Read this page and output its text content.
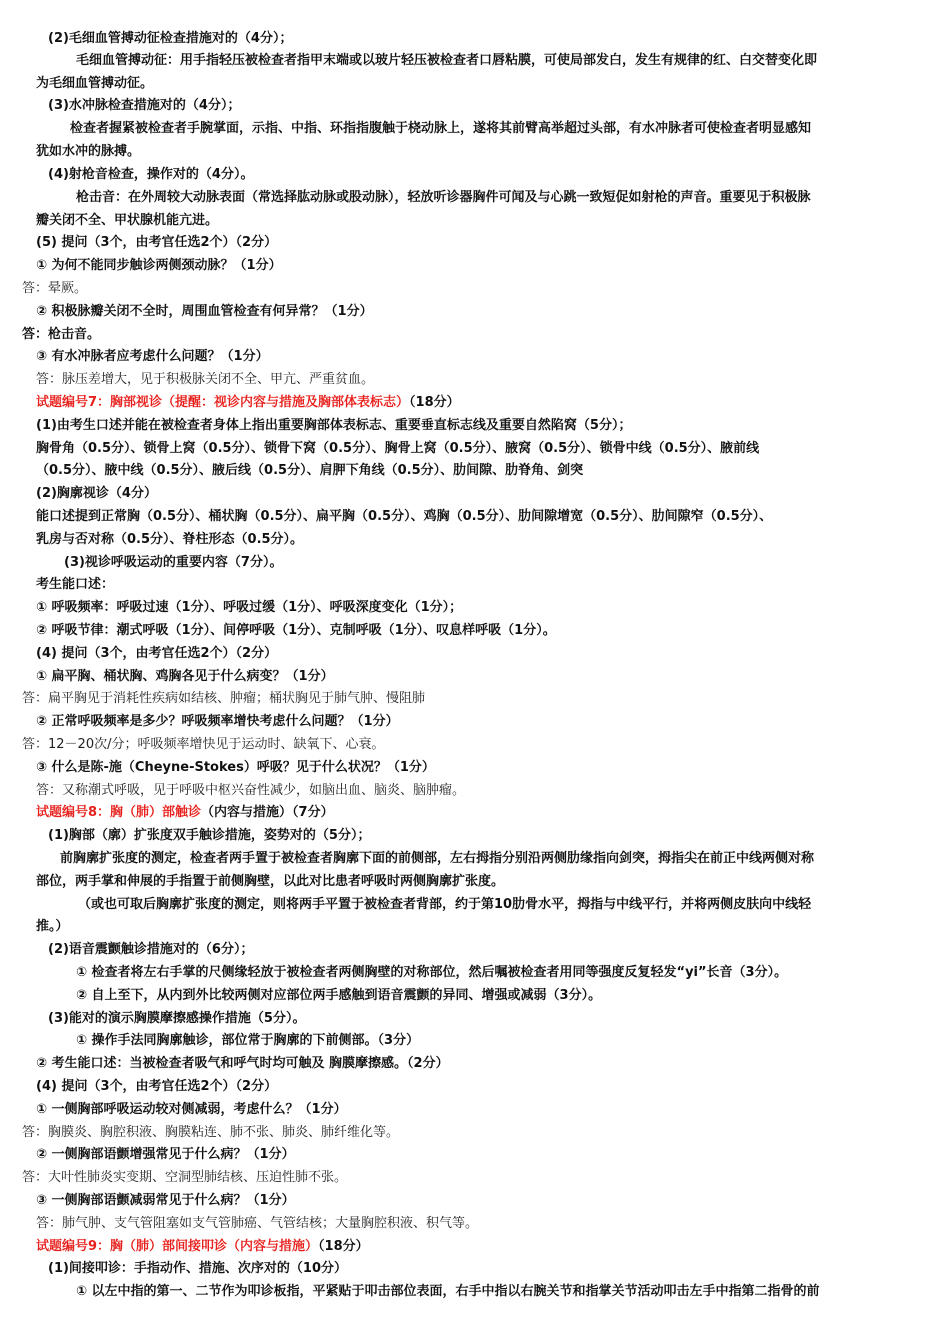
(2)毛细血管搏动征检查措施对的（4分）；
毛细血管搏动征：用手指轻压被检查者指甲末端或以玻片轻压被检查者口唇粘膜，可使局部发白，发生有规律的红、白交替变化即
为毛细血管搏动征。
(3)水冲脉检查措施对的（4分）；
检查者握紧被检查者手腕掌面，示指、中指、环指指腹触于桡动脉上，遂将其前臂高举超过头部，有水冲脉者可使检查者明显感知
犹如水冲的脉搏。
(4)射枪音检查，操作对的（4分）。
枪击音：在外周较大动脉表面（常选择肱动脉或股动脉），轻放听诊器胸件可闻及与心跳一致短促如射枪的声音。重要见于积极脉
瓣关闭不全、甲状腺机能亢进。
(5) 提问（3个，由考官任选2个）（2分）
① 为何不能同步触诊两侧颈动脉？（1分）
答：晕厥。
② 积极脉瓣关闭不全时，周围血管检查有何异常？（1分）
答：枪击音。
③ 有水冲脉者应考虑什么问题？（1分）
答：脉压差增大，见于积极脉关闭不全、甲亢、严重贫血。
试题编号7：胸部视诊（提醒：视诊内容与措施及胸部体表标志）（18分）
(1)由考生口述并能在被检查者身体上指出重要胸部体表标志、重要垂直标志线及重要自然陷窝（5分）；
胸骨角（0.5分）、锁骨上窝（0.5分）、锁骨下窝（0.5分）、胸骨上窝（0.5分）、腋窝（0.5分）、锁骨中线（0.5分）、腋前线
（0.5分）、腋中线（0.5分）、腋后线（0.5分）、肩胛下角线（0.5分）、肋间隙、肋脊角、剑突
(2)胸廓视诊（4分）
能口述提到正常胸（0.5分）、桶状胸（0.5分）、扁平胸（0.5分）、鸡胸（0.5分）、肋间隙增宽（0.5分）、肋间隙窄（0.5分）、
乳房与否对称（0.5分）、脊柱形态（0.5分）。
(3)视诊呼吸运动的重要内容（7分）。
考生能口述：
① 呼吸频率：呼吸过速（1分）、呼吸过缓（1分）、呼吸深度变化（1分）；
② 呼吸节律：潮式呼吸（1分）、间停呼吸（1分）、克制呼吸（1分）、叹息样呼吸（1分）。
(4) 提问（3个，由考官任选2个）（2分）
① 扁平胸、桶状胸、鸡胸各见于什么病变？（1分）
答：扁平胸见于消耗性疾病如结核、肿瘤；桶状胸见于肺气肿、慢阻肺
② 正常呼吸频率是多少？呼吸频率增快考虑什么问题？（1分）
答：12－20次/分；呼吸频率增快见于运动时、缺氧下、心衰。
③ 什么是陈-施（Cheyne-Stokes）呼吸？见于什么状况？（1分）
答：又称潮式呼吸，见于呼吸中枢兴奋性减少，如脑出血、脑炎、脑肿瘤。
试题编号8：胸（肺）部触诊（内容与措施）（7分）
(1)胸部（廓）扩张度双手触诊措施，姿势对的（5分）；
前胸廓扩张度的测定，检查者两手置于被检查者胸廓下面的前侧部，左右拇指分别沿两侧肋缘指向剑突，拇指尖在前正中线两侧对称
部位，两手掌和伸展的手指置于前侧胸壁，以此对比患者呼吸时两侧胸廓扩张度。
（或也可取后胸廓扩张度的测定，则将两手平置于被检查者背部，约于第10肋骨水平，拇指与中线平行，并将两侧皮肤向中线轻
推。）
(2)语音震颤触诊措施对的（6分）；
① 检查者将左右手掌的尺侧缘轻放于被检查者两侧胸壁的对称部位，然后嘱被检查者用同等强度反复轻发“yi”长音（3分）。
② 自上至下，从内到外比较两侧对应部位两手感触到语音震颤的异同、增强或减弱（3分）。
(3)能对的演示胸膜摩擦感操作措施（5分）。
① 操作手法同胸廓触诊，部位常于胸廓的下前侧部。（3分）
② 考生能口述：当被检查者吸气和呼气时均可触及 胸膜摩擦感。（2分）
(4) 提问（3个，由考官任选2个）（2分）
① 一侧胸部呼吸运动较对侧减弱，考虑什么？（1分）
答：胸膜炎、胸腔积液、胸膜粘连、肺不张、肺炎、肺纤维化等。
② 一侧胸部语颤增强常见于什么病？（1分）
答：大叶性肺炎实变期、空洞型肺结核、压迫性肺不张。
③ 一侧胸部语颤减弱常见于什么病？（1分）
答：肺气肿、支气管阻塞如支气管肺癌、气管结核；大量胸腔积液、积气等。
试题编号9：胸（肺）部间接叩诊（内容与措施）（18分）
(1)间接叩诊：手指动作、措施、次序对的（10分）
① 以左中指的第一、二节作为叩诊板指，平紧贴于叩击部位表面，右手中指以右腕关节和指掌关节活动叩击左手中指第二指骨的前
